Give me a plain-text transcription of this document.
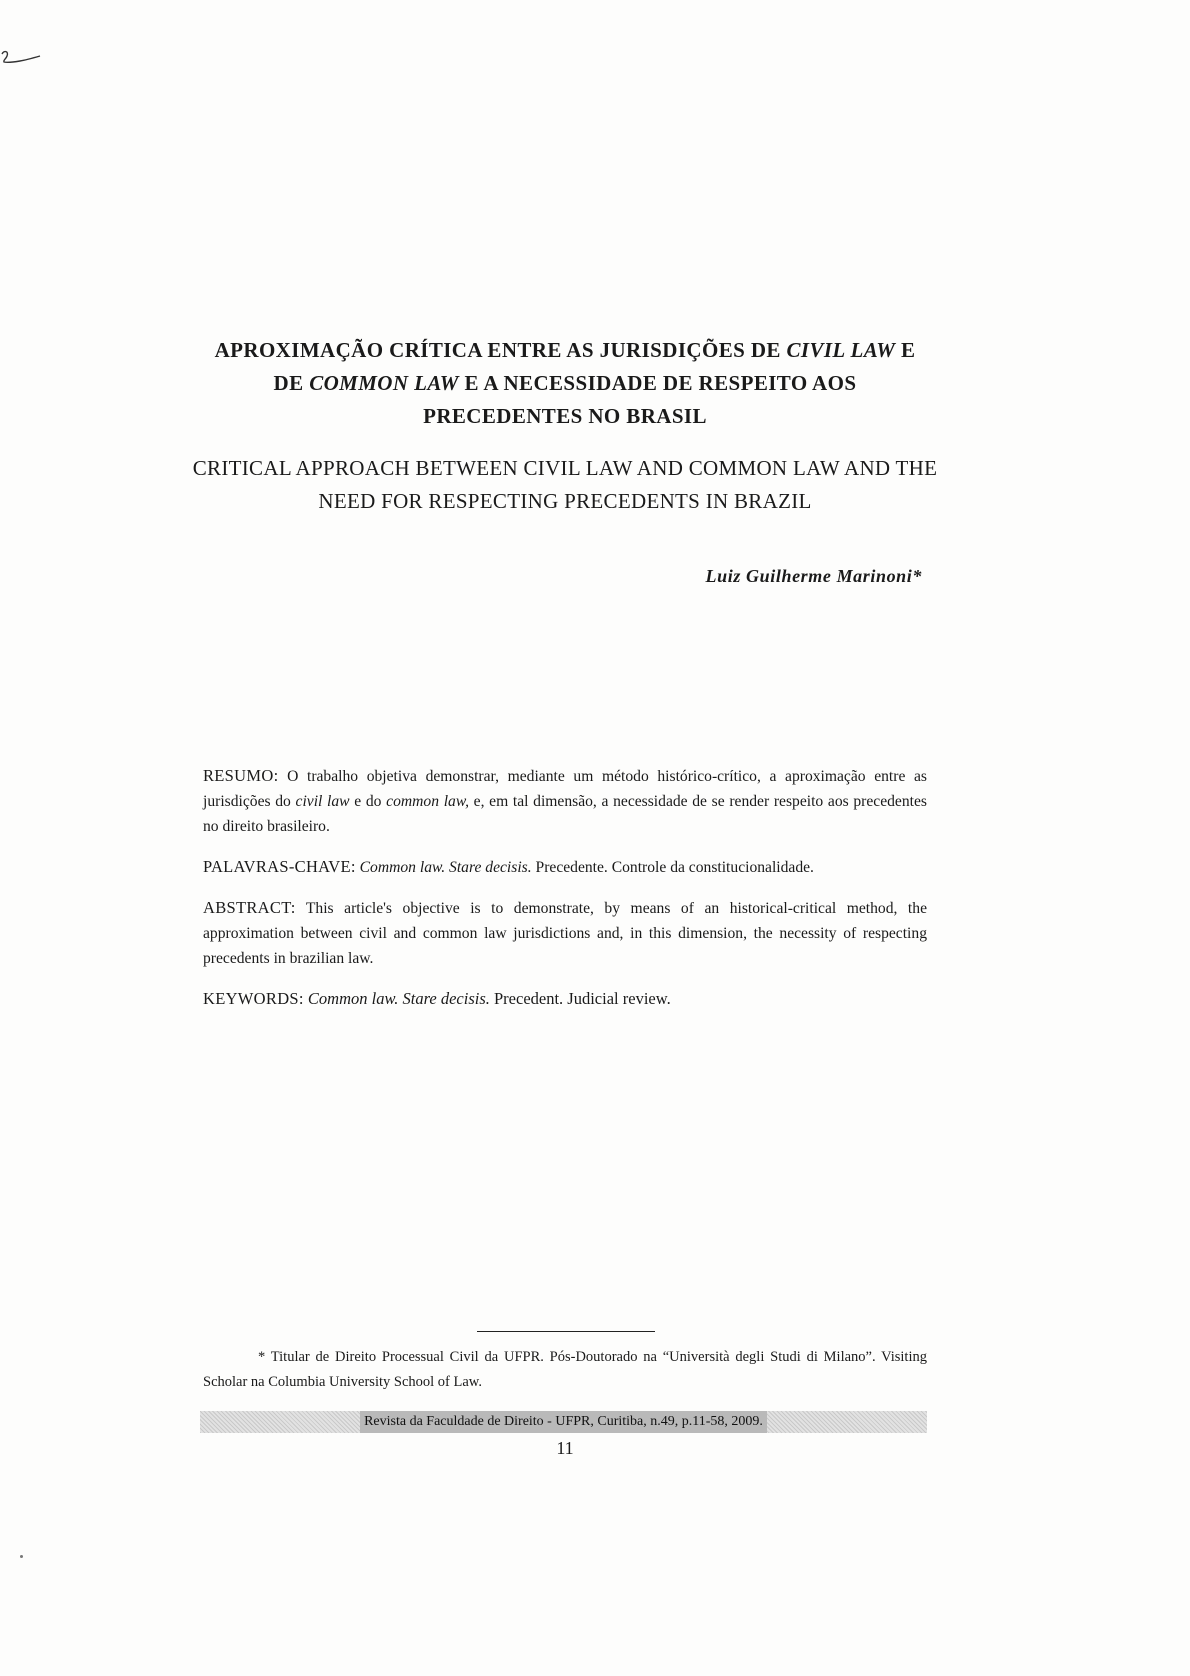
APROXIMAÇÃO CRÍTICA ENTRE AS JURISDIÇÕES DE CIVIL LAW E DE COMMON LAW E A NECESSIDADE DE RESPEITO AOS PRECEDENTES NO BRASIL
CRITICAL APPROACH BETWEEN CIVIL LAW AND COMMON LAW AND THE NEED FOR RESPECTING PRECEDENTS IN BRAZIL
Luiz Guilherme Marinoni*

RESUMO: O trabalho objetiva demonstrar, mediante um método histórico-crítico, a aproximação entre as jurisdições do civil law e do common law, e, em tal dimensão, a necessidade de se render respeito aos precedentes no direito brasileiro.

PALAVRAS-CHAVE: Common law. Stare decisis. Precedente. Controle da constitucionalidade.

ABSTRACT: This article's objective is to demonstrate, by means of an historical-critical method, the approximation between civil and common law jurisdictions and, in this dimension, the necessity of respecting precedents in brazilian law.

KEYWORDS: Common law. Stare decisis. Precedent. Judicial review.

* Titular de Direito Processual Civil da UFPR. Pós-Doutorado na “Università degli Studi di Milano”. Visiting Scholar na Columbia University School of Law.
Revista da Faculdade de Direito - UFPR, Curitiba, n.49, p.11-58, 2009.
11
